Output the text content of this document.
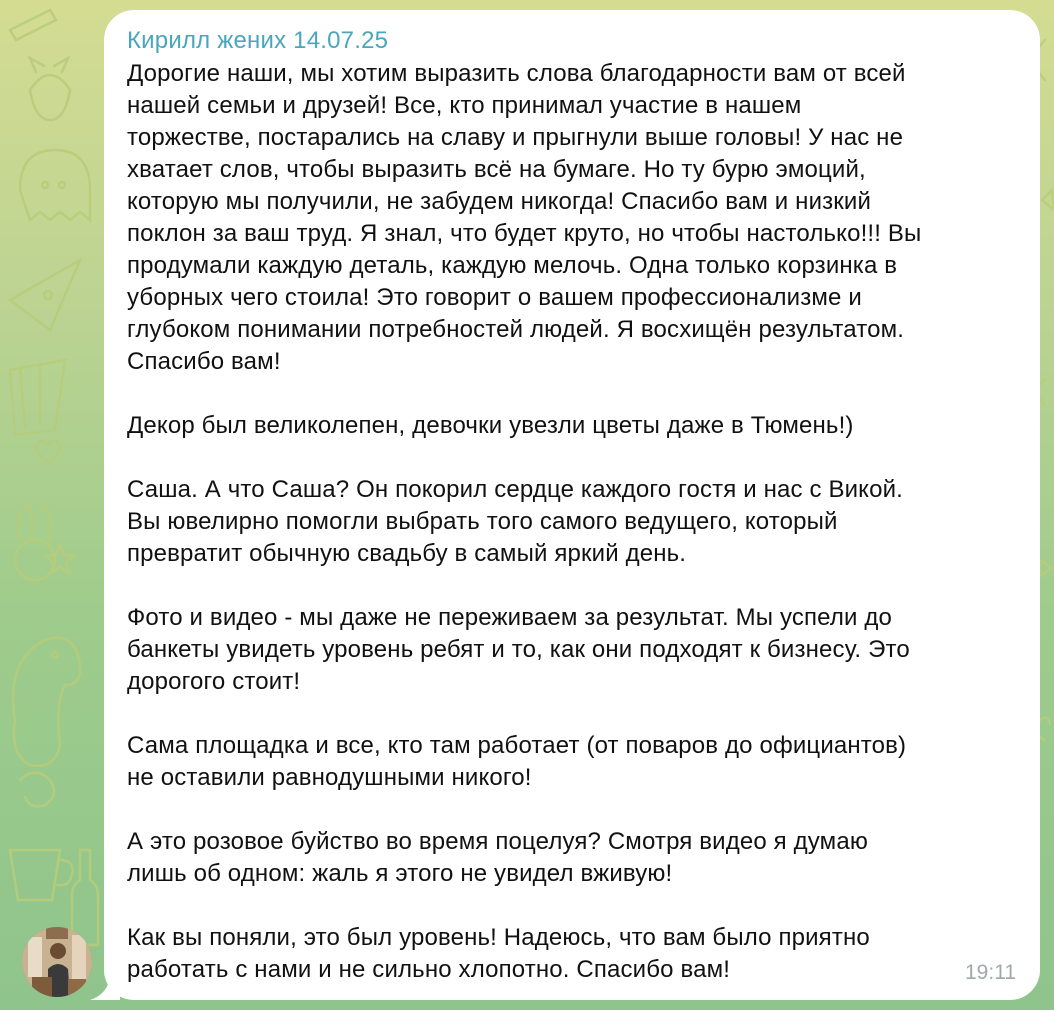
Кирилл жених 14.07.25
Дорогие наши, мы хотим выразить слова благодарности вам от всей
нашей семьи и друзей! Все, кто принимал участие в нашем
торжестве, постарались на славу и прыгнули выше головы! У нас не
хватает слов, чтобы выразить всё на бумаге. Но ту бурю эмоций,
которую мы получили, не забудем никогда! Спасибо вам и низкий
поклон за ваш труд. Я знал, что будет круто, но чтобы настолько!!! Вы
продумали каждую деталь, каждую мелочь. Одна только корзинка в
уборных чего стоила! Это говорит о вашем профессионализме и
глубоком понимании потребностей людей. Я восхищён результатом.
Спасибо вам!
Декор был великолепен, девочки увезли цветы даже в Тюмень!)
Саша. А что Саша? Он покорил сердце каждого гостя и нас с Викой.
Вы ювелирно помогли выбрать того самого ведущего, который
превратит обычную свадьбу в самый яркий день.
Фото и видео - мы даже не переживаем за результат. Мы успели до
банкеты увидеть уровень ребят и то, как они подходят к бизнесу. Это
дорогого стоит!
Сама площадка и все, кто там работает (от поваров до официантов)
не оставили равнодушными никого!
А это розовое буйство во время поцелуя? Смотря видео я думаю
лишь об одном: жаль я этого не увидел вживую!
Как вы поняли, это был уровень! Надеюсь, что вам было приятно
работать с нами и не сильно хлопотно. Спасибо вам!	19:11
